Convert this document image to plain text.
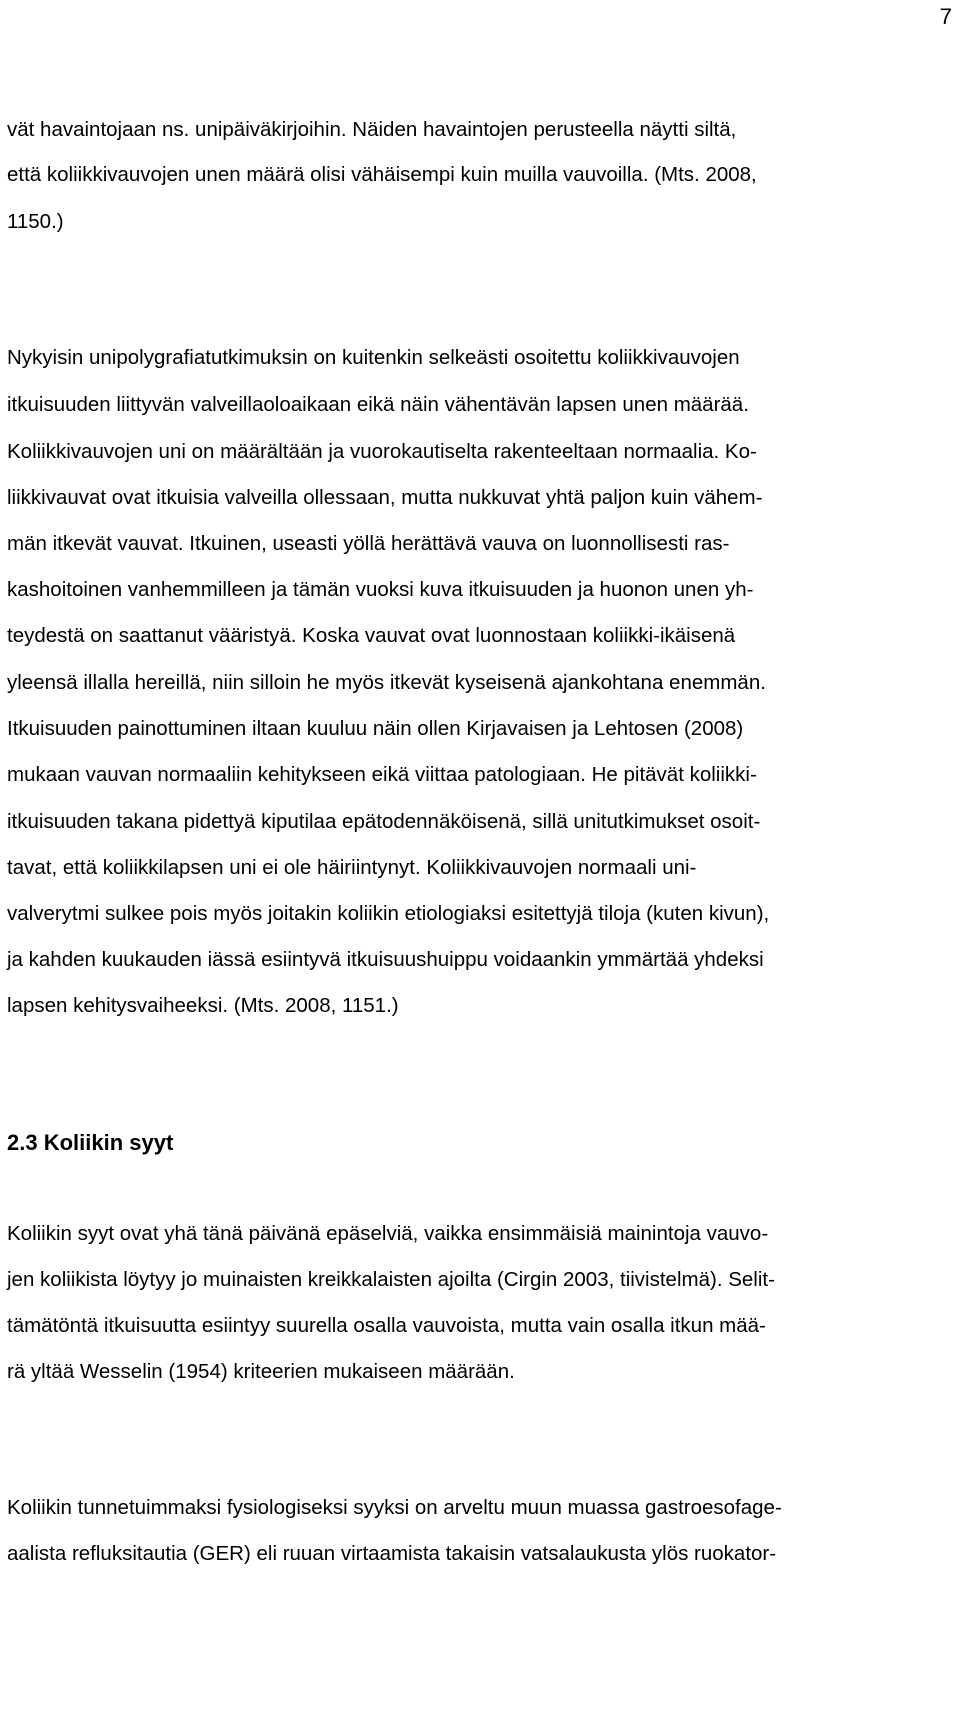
7
vät havaintojaan ns. unipäiväkirjoihin. Näiden havaintojen perusteella näytti siltä,
että koliikkivauvojen unen määrä olisi vähäisempi kuin muilla vauvoilla. (Mts. 2008,
1150.)
Nykyisin unipolygrafiatutkimuksin on kuitenkin selkeästi osoitettu koliikkivauvojen
itkuisuuden liittyvän valveillaoloaikaan eikä näin vähentävän lapsen unen määrää.
Koliikkivauvojen uni on määrältään ja vuorokautiselta rakenteeltaan normaalia. Ko-
liikkivauvat ovat itkuisia valveilla ollessaan, mutta nukkuvat yhtä paljon kuin vähem-
män itkevät vauvat. Itkuinen, useasti yöllä herättävä vauva on luonnollisesti ras-
kashoitoinen vanhemmilleen ja tämän vuoksi kuva itkuisuuden ja huonon unen yh-
teydestä on saattanut vääristyä. Koska vauvat ovat luonnostaan koliikki-ikäisenä
yleensä illalla hereillä, niin silloin he myös itkevät kyseisenä ajankohtana enemmän.
Itkuisuuden painottuminen iltaan kuuluu näin ollen Kirjavaisen ja Lehtosen (2008)
mukaan vauvan normaaliin kehitykseen eikä viittaa patologiaan. He pitävät koliikki-
itkuisuuden takana pidettyä kiputilaa epätodennäköisenä, sillä unitutkimukset osoit-
tavat, että koliikkilapsen uni ei ole häiriintynyt. Koliikkivauvojen normaali uni-
valverytmi sulkee pois myös joitakin koliikin etiologiaksi esitettyjä tiloja (kuten kivun),
ja kahden kuukauden iässä esiintyvä itkuisuushuippu voidaankin ymmärtää yhdeksi
lapsen kehitysvaiheeksi. (Mts. 2008, 1151.)
2.3 Koliikin syyt
Koliikin syyt ovat yhä tänä päivänä epäselviä, vaikka ensimmäisiä mainintoja vauvo-
jen koliikista löytyy jo muinaisten kreikkalaisten ajoilta (Cirgin 2003, tiivistelmä). Selit-
tämätöntä itkuisuutta esiintyy suurella osalla vauvoista, mutta vain osalla itkun mää-
rä yltää Wesselin (1954) kriteerien mukaiseen määrään.
Koliikin tunnetuimmaksi fysiologiseksi syyksi on arveltu muun muassa gastroesofage-
aalista refluksitautia (GER) eli ruuan virtaamista takaisin vatsalaukusta ylös ruokator-
